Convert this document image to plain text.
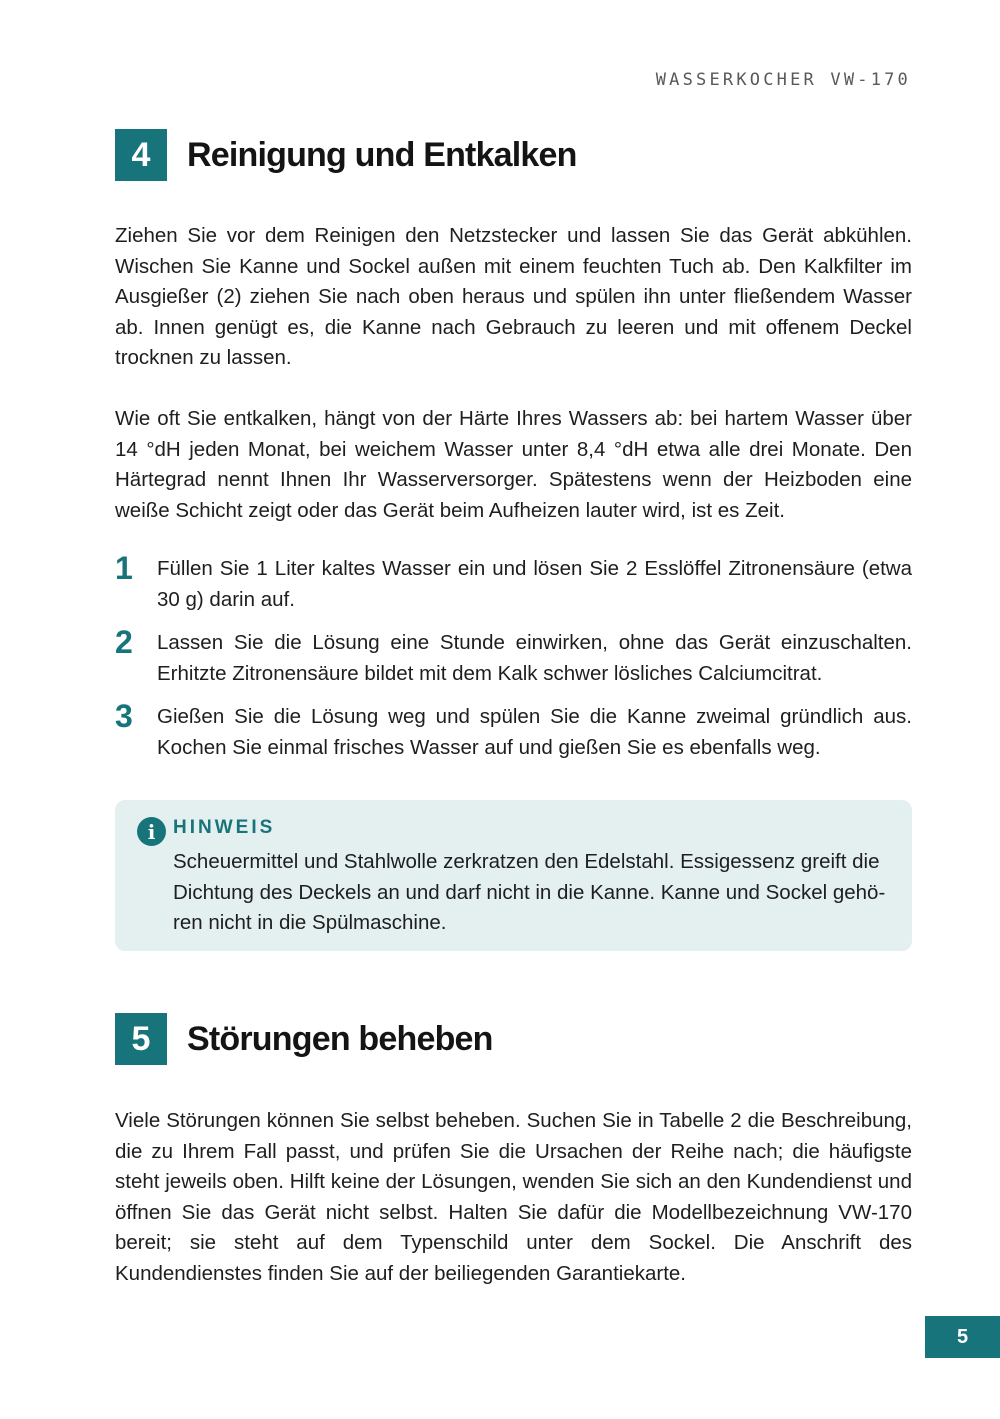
WASSERKOCHER VW-170
4	Reinigung und Entkalken
Ziehen Sie vor dem Reinigen den Netzstecker und lassen Sie das Gerät abkühlen. Wischen Sie Kanne und Sockel außen mit einem feuchten Tuch ab. Den Kalkfilter im Ausgießer (2) ziehen Sie nach oben heraus und spülen ihn unter fließendem Wasser ab. Innen genügt es, die Kanne nach Gebrauch zu leeren und mit offenem Deckel trocknen zu lassen.
Wie oft Sie entkalken, hängt von der Härte Ihres Wassers ab: bei hartem Wasser über 14 °dH jeden Monat, bei weichem Wasser unter 8,4 °dH etwa alle drei Monate. Den Härtegrad nennt Ihnen Ihr Wasserversorger. Spätestens wenn der Heizboden eine weiße Schicht zeigt oder das Gerät beim Aufheizen lauter wird, ist es Zeit.
1	Füllen Sie 1 Liter kaltes Wasser ein und lösen Sie 2 Esslöffel Zitronensäure (etwa 30 g) darin auf.
2	Lassen Sie die Lösung eine Stunde einwirken, ohne das Gerät einzuschalten. Erhitzte Zitronensäure bildet mit dem Kalk schwer lösliches Calciumcitrat.
3	Gießen Sie die Lösung weg und spülen Sie die Kanne zweimal gründlich aus. Kochen Sie einmal frisches Wasser auf und gießen Sie es ebenfalls weg.
i HINWEIS
Scheuermittel und Stahlwolle zerkratzen den Edelstahl. Essigessenz greift die Dichtung des Deckels an und darf nicht in die Kanne. Kanne und Sockel gehören nicht in die Spülmaschine.
5	Störungen beheben
Viele Störungen können Sie selbst beheben. Suchen Sie in Tabelle 2 die Beschreibung, die zu Ihrem Fall passt, und prüfen Sie die Ursachen der Reihe nach; die häufigste steht jeweils oben. Hilft keine der Lösungen, wenden Sie sich an den Kundendienst und öffnen Sie das Gerät nicht selbst. Halten Sie dafür die Modellbezeichnung VW-170 bereit; sie steht auf dem Typenschild unter dem Sockel. Die Anschrift des Kundendienstes finden Sie auf der beiliegenden Garantiekarte.
5
